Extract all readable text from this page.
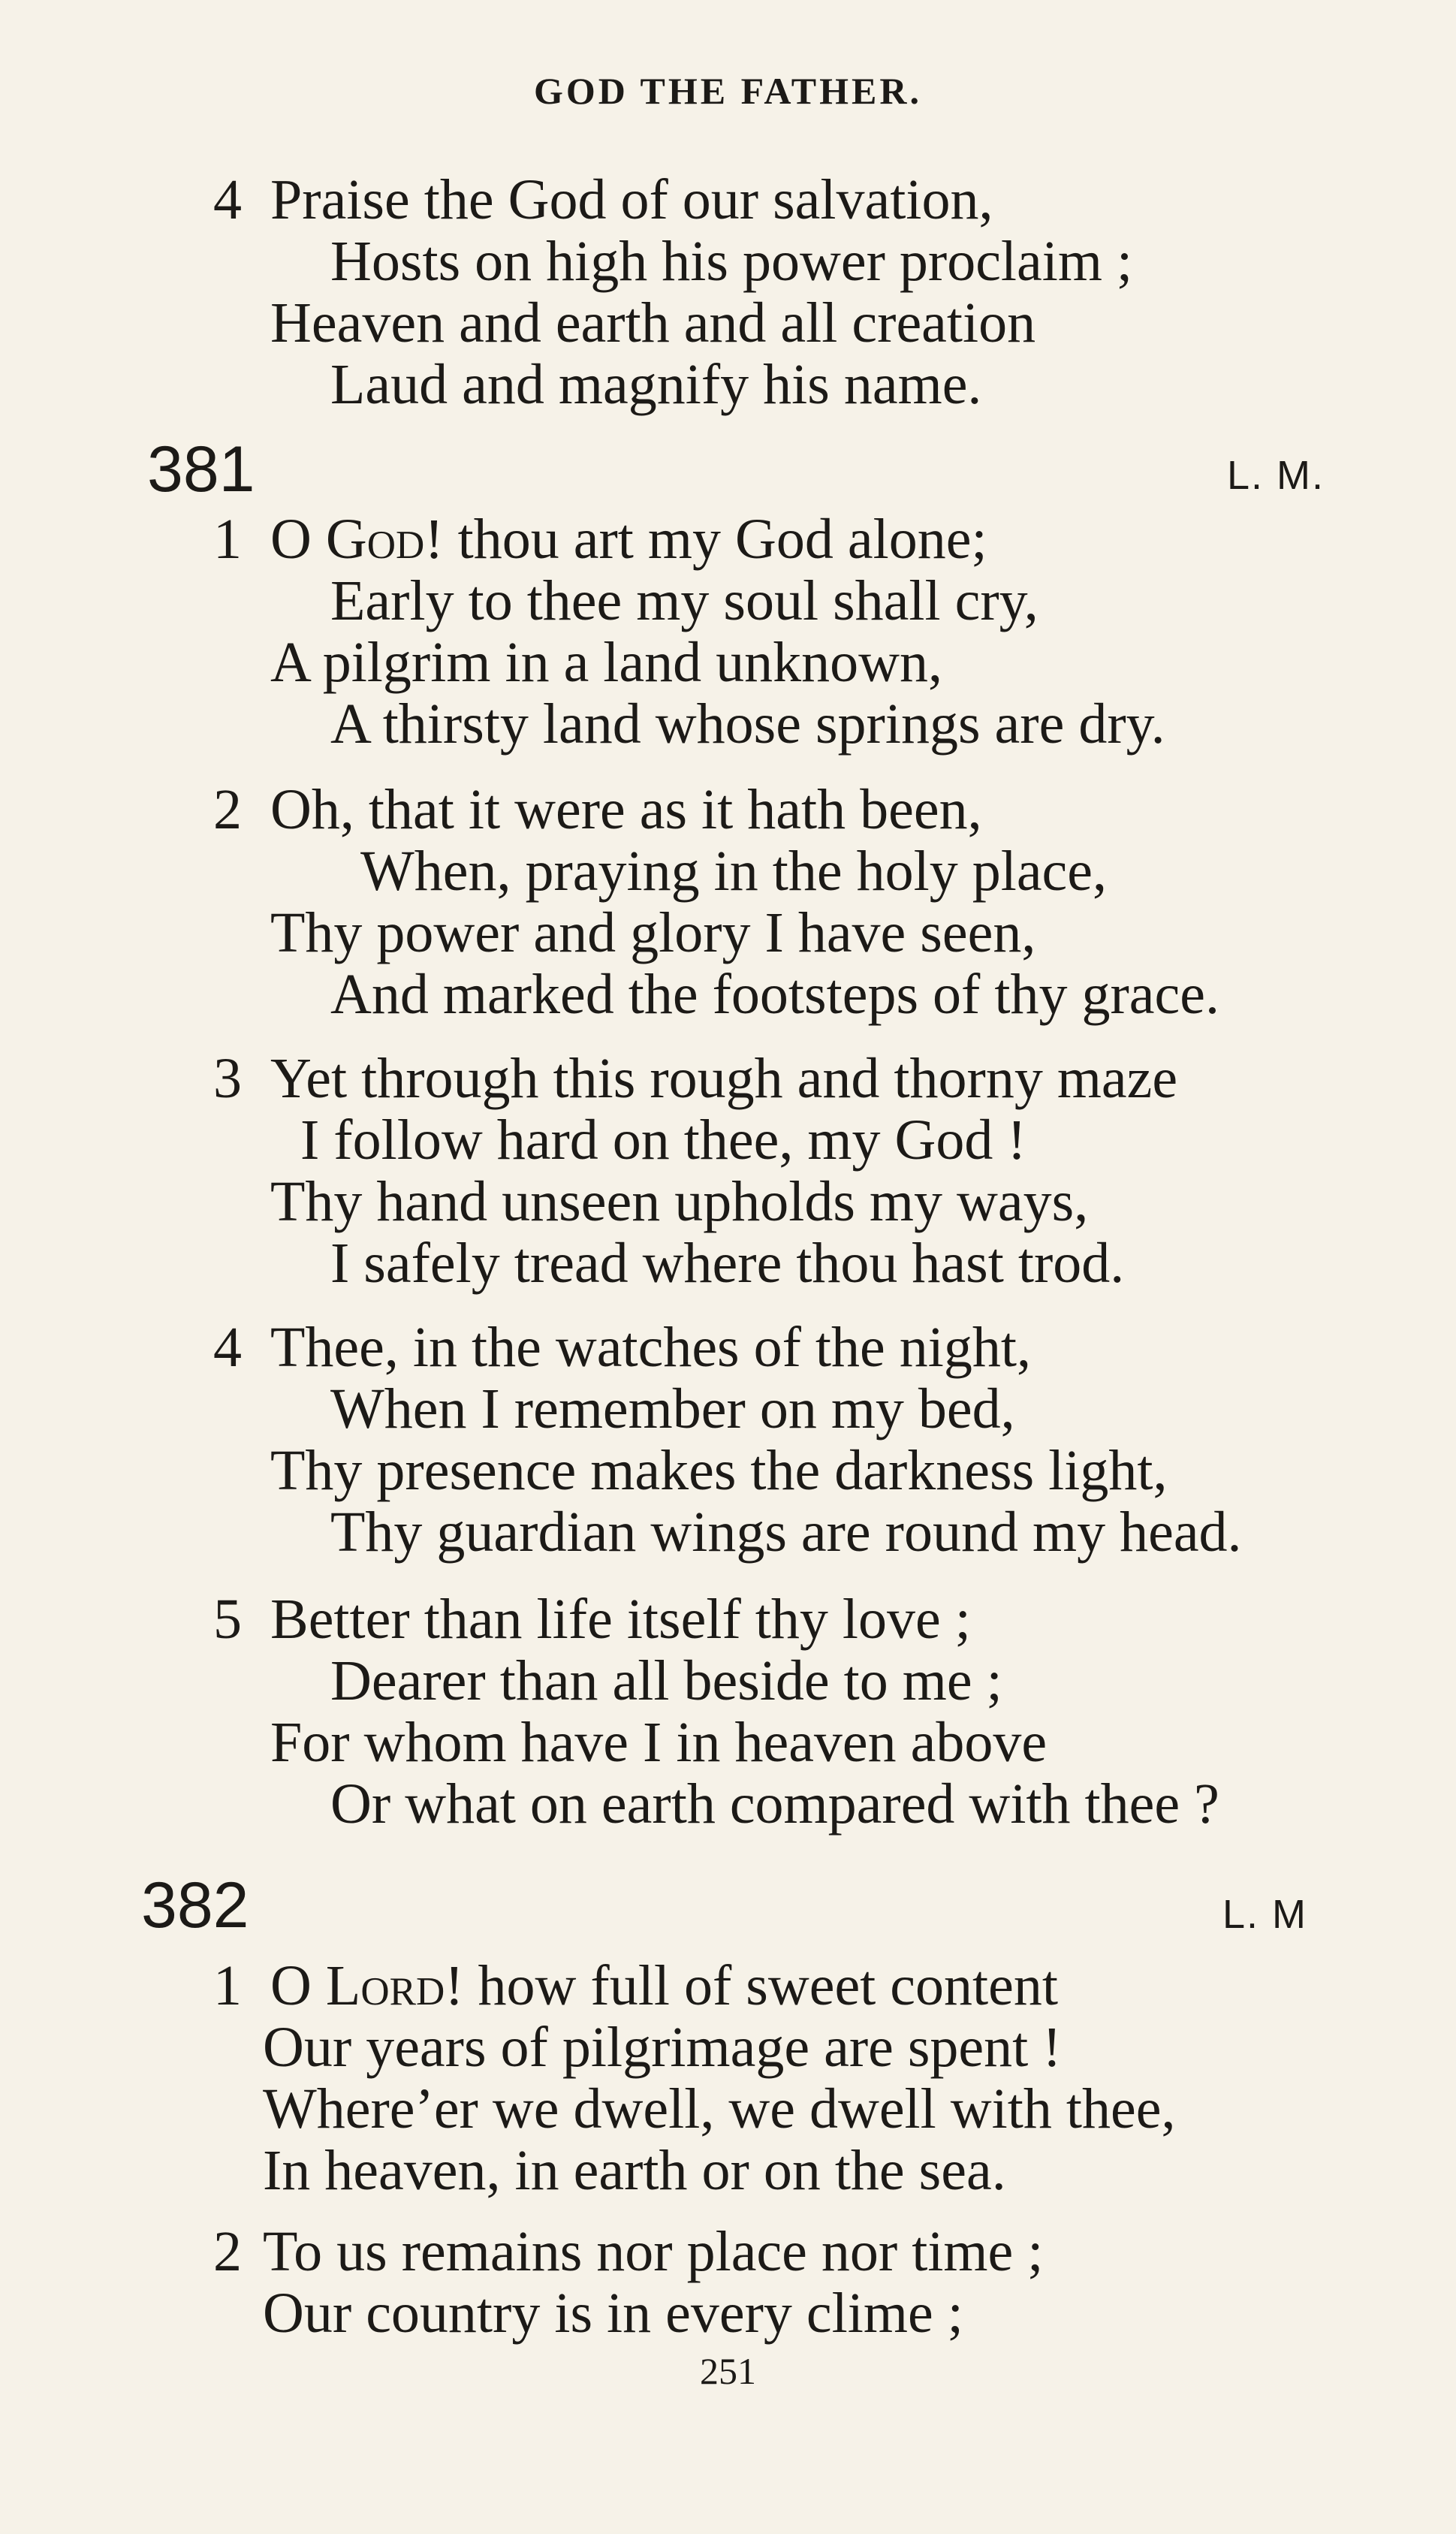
GOD THE FATHER.
4 Praise the God of our salvation,
Hosts on high his power proclaim ;
Heaven and earth and all creation
Laud and magnify his name.
381	L. M.
1 O God! thou art my God alone;
Early to thee my soul shall cry,
A pilgrim in a land unknown,
A thirsty land whose springs are dry.
2 Oh, that it were as it hath been,
When, praying in the holy place,
Thy power and glory I have seen,
And marked the footsteps of thy grace.
3 Yet through this rough and thorny maze
I follow hard on thee, my God !
Thy hand unseen upholds my ways,
I safely tread where thou hast trod.
4 Thee, in the watches of the night,
When I remember on my bed,
Thy presence makes the darkness light,
Thy guardian wings are round my head.
5 Better than life itself thy love ;
Dearer than all beside to me ;
For whom have I in heaven above
Or what on earth compared with thee ?
382	L. M
1 O Lord! how full of sweet content
Our years of pilgrimage are spent !
Where’er we dwell, we dwell with thee,
In heaven, in earth or on the sea.
2 To us remains nor place nor time ;
Our country is in every clime ;
251
